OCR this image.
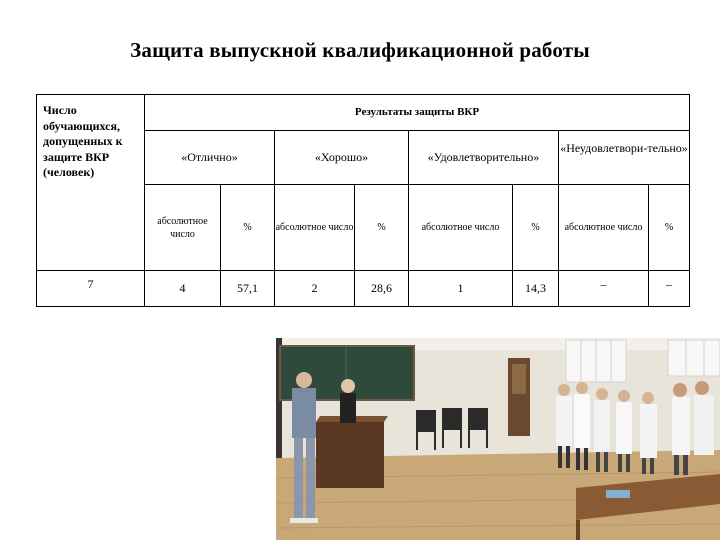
Защита выпускной квалификационной работы
Число обучающихся, допущенных к защите ВКР (человек)	Результаты защиты ВКР							
	«Отлично»		«Хорошо»		«Удовлетворительно»		«Неудовлетвори-тельно»	
	абсолютное число	%	абсолютное число	%	абсолютное число	%	абсолютное число	%
7	4	57,1	2	28,6	1	14,3	–	–
